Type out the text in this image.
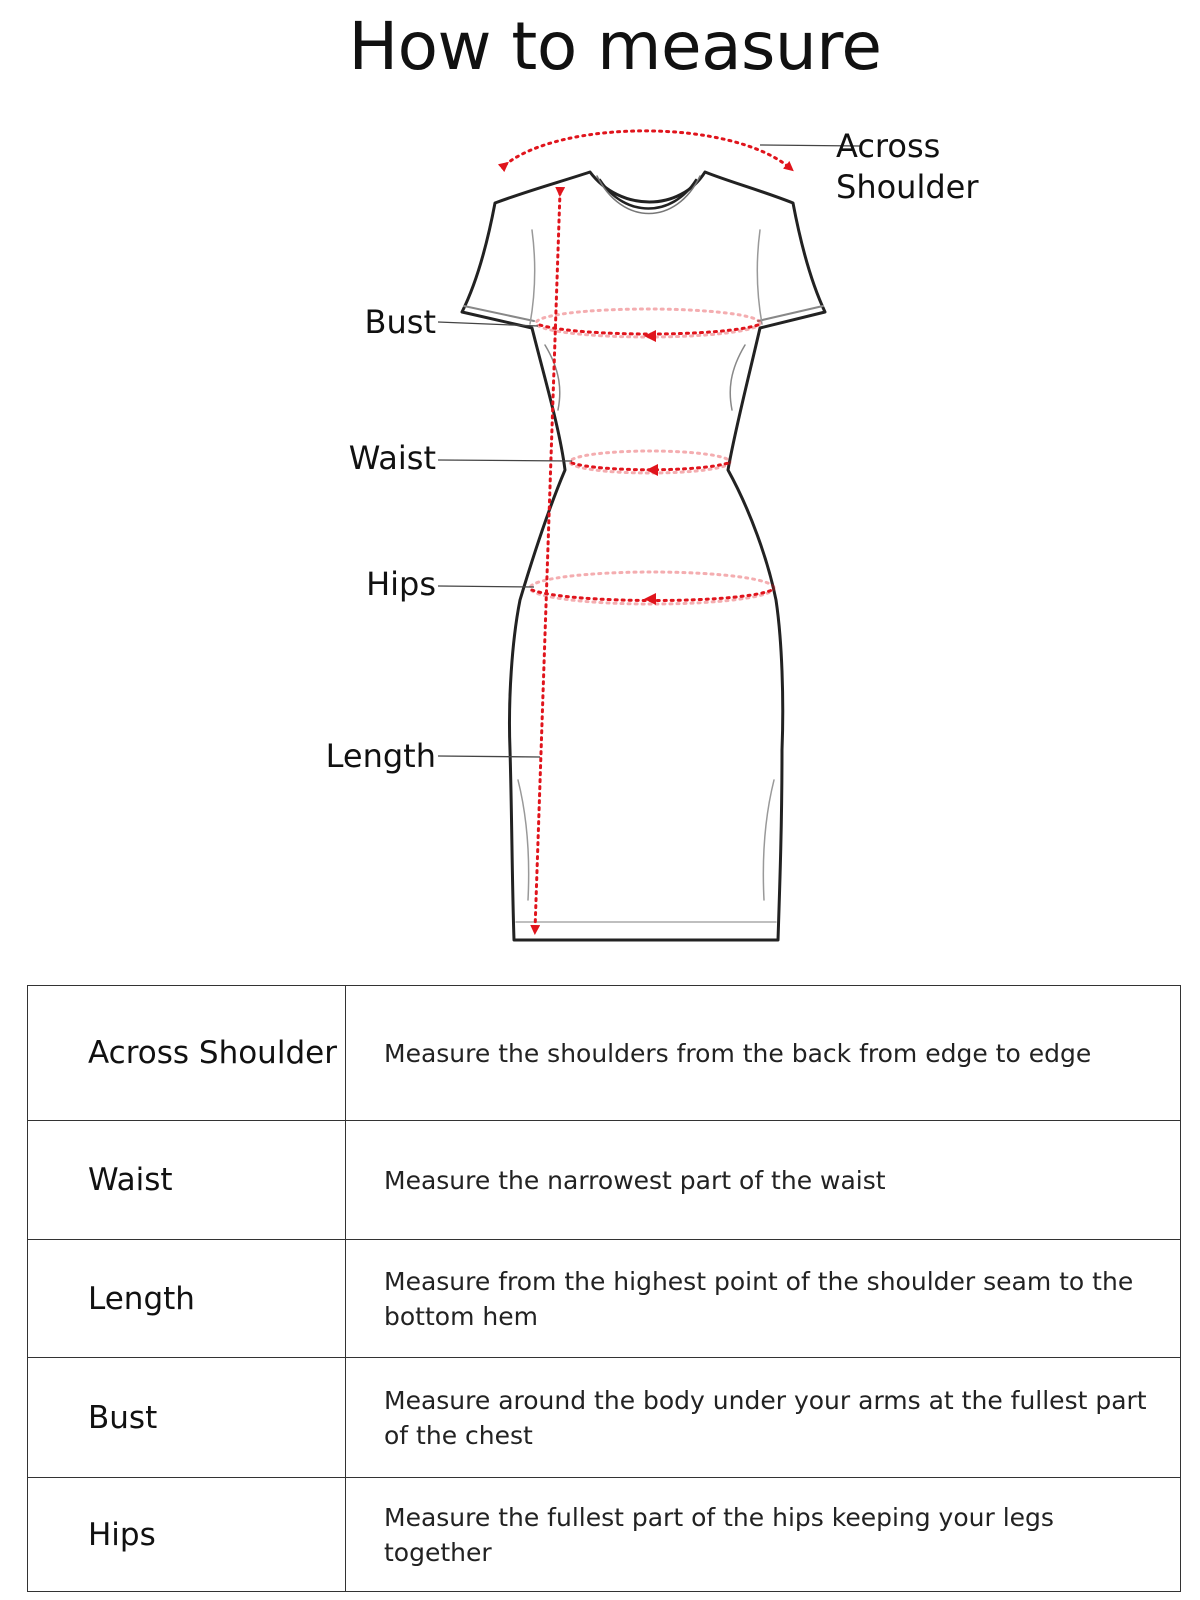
How to measure
Across Shoulder
Bust
Waist
Hips
Length
Across Shoulder	Measure the shoulders from the back from edge to edge
Waist	Measure the narrowest part of the waist
Length	Measure from the highest point of the shoulder seam to the bottom hem
Bust	Measure around the body under your arms at the fullest part of the chest
Hips	Measure the fullest part of the hips keeping your legs together
